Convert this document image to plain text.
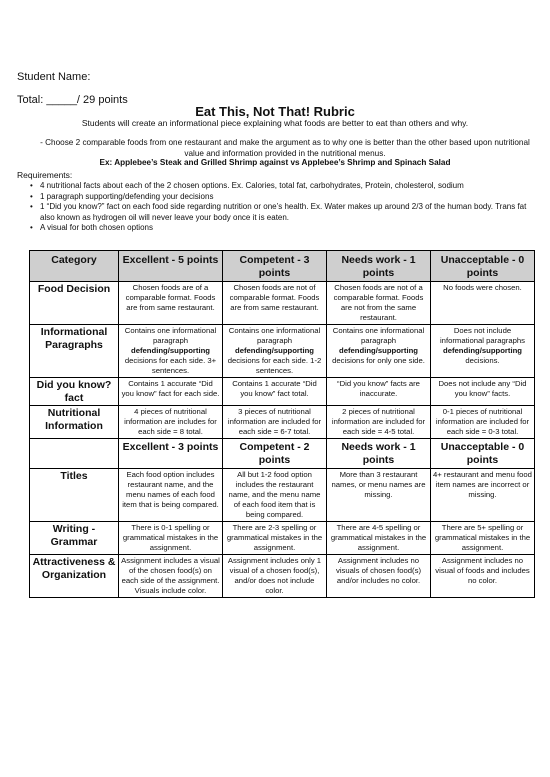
Student Name:
Total: _____/ 29 points
Eat This, Not That! Rubric
Students will create an informational piece explaining what foods are better to eat than others and why.
- Choose 2 comparable foods from one restaurant and make the argument as to why one is better than the other based upon nutritional value and information provided in the nutritional menus.
Ex: Applebee’s Steak and Grilled Shrimp against vs Applebee’s Shrimp and Spinach Salad
Requirements:
• 4 nutritional facts about each of the 2 chosen options. Ex. Calories, total fat, carbohydrates, Protein, cholesterol, sodium
• 1 paragraph supporting/defending your decisions
• 1 “Did you know?” fact on each food side regarding nutrition or one’s health. Ex. Water makes up around 2/3 of the human body. Trans fat also known as hydrogen oil will never leave your body once it is eaten.
• A visual for both chosen options
Category	Excellent - 5 points	Competent - 3 points	Needs work - 1 points	Unacceptable - 0 points
Food Decision	Chosen foods are of a comparable format. Foods are from same restaurant.	Chosen foods are not of comparable format. Foods are from same restaurant.	Chosen foods are not of a comparable format. Foods are not from the same restaurant.	No foods were chosen.
Informational Paragraphs	Contains one informational paragraph defending/supporting decisions for each side. 3+ sentences.	Contains one informational paragraph defending/supporting decisions for each side. 1-2 sentences.	Contains one informational paragraph defending/supporting decisions for only one side.	Does not include informational paragraphs defending/supporting decisions.
Did you know? fact	Contains 1 accurate “Did you know” fact for each side.	Contains 1 accurate “Did you know” fact total.	“Did you know” facts are inaccurate.	Does not include any “Did you know” facts.
Nutritional Information	4 pieces of nutritional information are includes for each side = 8 total.	3 pieces of nutritional information are included for each side = 6-7 total.	2 pieces of nutritional information are included for each side = 4-5 total.	0-1 pieces of nutritional information are included for each side = 0-3 total.
	Excellent - 3 points	Competent - 2 points	Needs work - 1 points	Unacceptable - 0 points
Titles	Each food option includes restaurant name, and the menu names of each food item that is being compared.	All but 1-2 food option includes the restaurant name, and the menu name of each food item that is being compared.	More than 3 restaurant names, or menu names are missing.	4+ restaurant and menu food item names are incorrect or missing.
Writing - Grammar	There is 0-1 spelling or grammatical mistakes in the assignment.	There are 2-3 spelling or grammatical mistakes in the assignment.	There are 4-5 spelling or grammatical mistakes in the assignment.	There are 5+ spelling or grammatical mistakes in the assignment.
Attractiveness & Organization	Assignment includes a visual of the chosen food(s) on each side of the assignment. Visuals include color.	Assignment includes only 1 visual of a chosen food(s), and/or does not include color.	Assignment includes no visuals of chosen food(s) and/or includes no color.	Assignment includes no visual of foods and includes no color.
